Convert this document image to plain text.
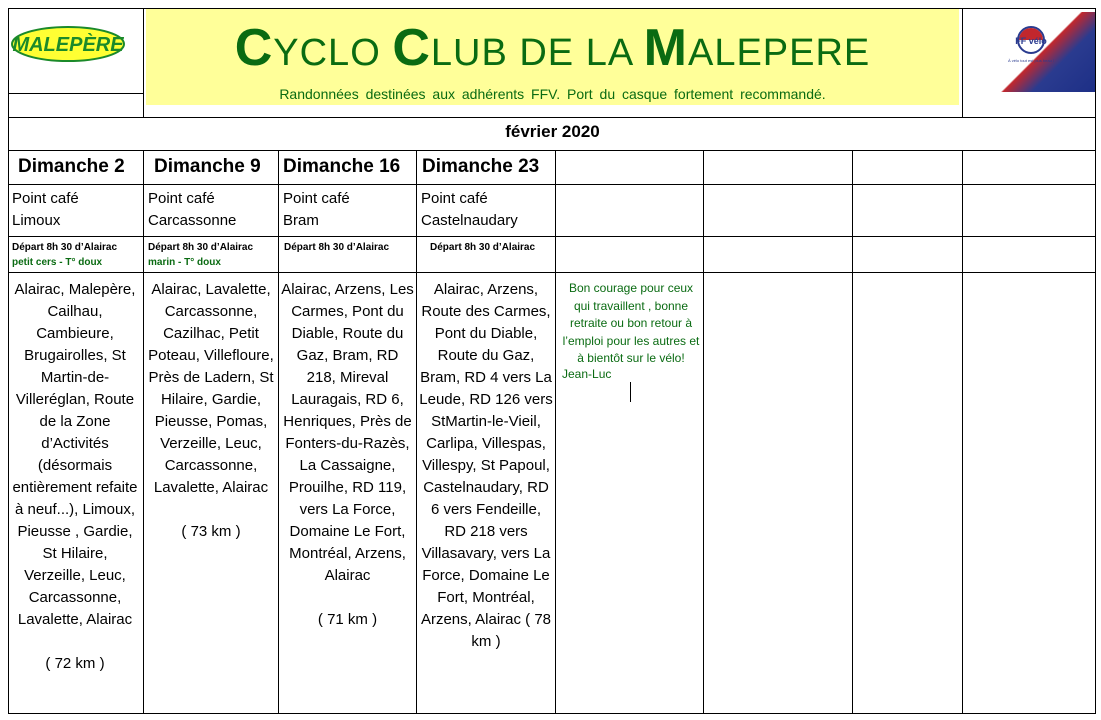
MALEPÈRE	CYCLO CLUB DE LA MALEPERE
Randonnées destinées aux adhérents FFV. Port du casque fortement recommandé.
FF vélo
À vélo tout est plus beau !
février 2020
Dimanche 2
Point café
Limoux
Départ 8h 30 d’Alairac
petit cers - T° doux
Alairac, Malepère, Cailhau, Cambieure, Brugairolles, St Martin-de-Villeréglan, Route de la Zone d’Activités (désormais entièrement refaite à neuf...), Limoux, Pieusse , Gardie, St Hilaire, Verzeille, Leuc, Carcassonne, Lavalette, Alairac
( 72 km )
Dimanche 9
Point café
Carcassonne
Départ 8h 30 d’Alairac
marin - T° doux
Alairac, Lavalette, Carcassonne, Cazilhac, Petit Poteau, Villefloure, Près de Ladern, St Hilaire, Gardie, Pieusse, Pomas, Verzeille, Leuc, Carcassonne, Lavalette, Alairac
( 73 km )
Dimanche 16
Point café
Bram
Départ 8h 30 d’Alairac
Alairac, Arzens, Les Carmes, Pont du Diable, Route du Gaz, Bram, RD 218, Mireval Lauragais, RD 6, Henriques, Près de Fonters-du-Razès, La Cassaigne, Prouilhe, RD 119, vers La Force, Domaine Le Fort, Montréal, Arzens, Alairac
( 71 km )
Dimanche 23
Point café
Castelnaudary
Départ 8h 30 d’Alairac
Alairac, Arzens, Route des Carmes, Pont du Diable, Route du Gaz, Bram, RD 4 vers La Leude, RD 126 vers StMartin-le-Vieil, Carlipa, Villespas, Villespy, St Papoul, Castelnaudary, RD 6 vers Fendeille, RD 218 vers Villasavary, vers La Force, Domaine Le Fort, Montréal, Arzens, Alairac ( 78 km )
Bon courage pour ceux qui travaillent , bonne retraite ou bon retour à l’emploi pour les autres et à bientôt sur le vélo!
Jean-Luc
